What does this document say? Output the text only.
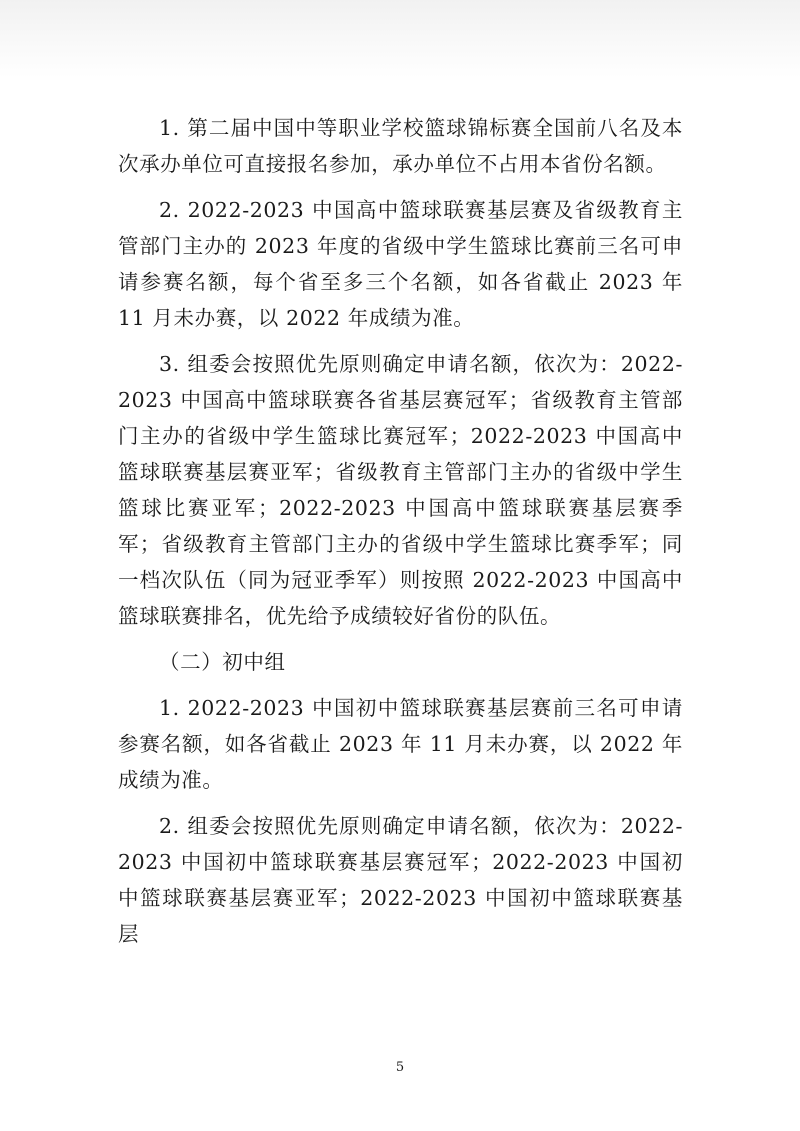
1. 第二届中国中等职业学校篮球锦标赛全国前八名及本次承办单位可直接报名参加，承办单位不占用本省份名额。

2. 2022-2023 中国高中篮球联赛基层赛及省级教育主管部门主办的 2023 年度的省级中学生篮球比赛前三名可申请参赛名额，每个省至多三个名额，如各省截止 2023 年 11 月未办赛，以 2022 年成绩为准。

3. 组委会按照优先原则确定申请名额，依次为：2022-2023 中国高中篮球联赛各省基层赛冠军；省级教育主管部门主办的省级中学生篮球比赛冠军；2022-2023 中国高中篮球联赛基层赛亚军；省级教育主管部门主办的省级中学生篮球比赛亚军；2022-2023 中国高中篮球联赛基层赛季军；省级教育主管部门主办的省级中学生篮球比赛季军；同一档次队伍（同为冠亚季军）则按照 2022-2023 中国高中篮球联赛排名，优先给予成绩较好省份的队伍。

（二）初中组

1. 2022-2023 中国初中篮球联赛基层赛前三名可申请参赛名额，如各省截止 2023 年 11 月未办赛，以 2022 年成绩为准。

2. 组委会按照优先原则确定申请名额，依次为：2022-2023 中国初中篮球联赛基层赛冠军；2022-2023 中国初中篮球联赛基层赛亚军；2022-2023 中国初中篮球联赛基层

5
